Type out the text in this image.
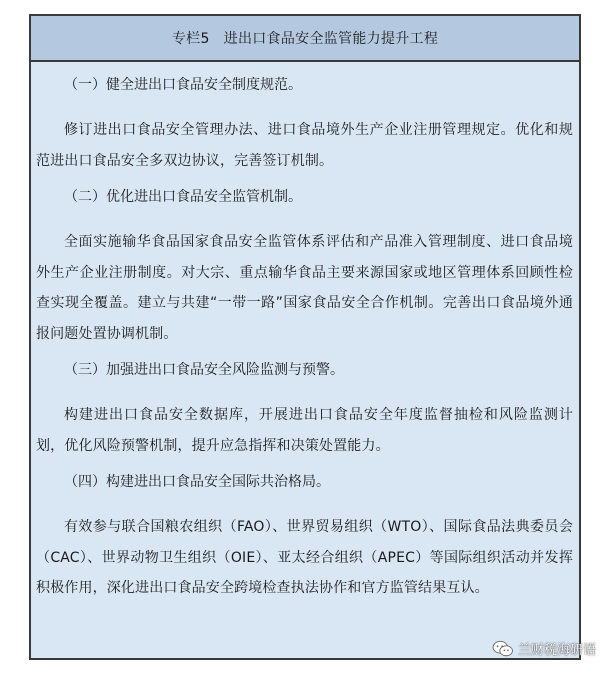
专栏5 进出口食品安全监管能力提升工程

（一）健全进出口食品安全制度规范。

修订进出口食品安全管理办法、进口食品境外生产企业注册管理规定。优化和规范进出口食品安全多双边协议，完善签订机制。

（二）优化进出口食品安全监管机制。

全面实施输华食品国家食品安全监管体系评估和产品准入管理制度、进口食品境外生产企业注册制度。对大宗、重点输华食品主要来源国家或地区管理体系回顾性检查实现全覆盖。建立与共建“一带一路”国家食品安全合作机制。完善出口食品境外通报问题处置协调机制。

（三）加强进出口食品安全风险监测与预警。

构建进出口食品安全数据库，开展进出口食品安全年度监督抽检和风险监测计划，优化风险预警机制，提升应急指挥和决策处置能力。

（四）构建进出口食品安全国际共治格局。

有效参与联合国粮农组织（FAO）、世界贸易组织（WTO）、国际食品法典委员会（CAC）、世界动物卫生组织（OIE）、亚太经合组织（APEC）等国际组织活动并发挥积极作用，深化进出口食品安全跨境检查执法协作和官方监管结果互认。

兰财税海研语
